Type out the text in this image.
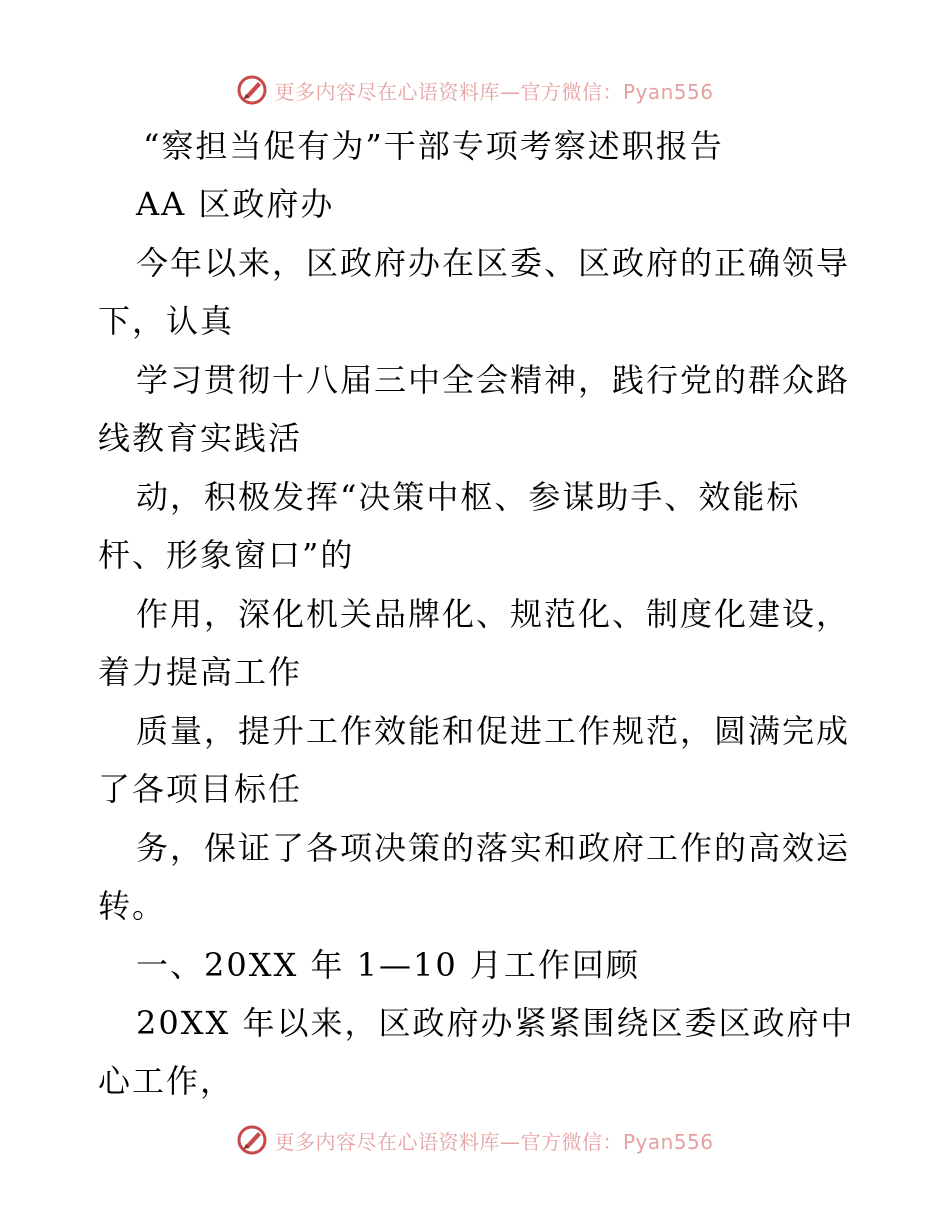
更多内容尽在心语资料库—官方微信：Pyan556
“察担当促有为”干部专项考察述职报告
AA 区政府办
今年以来，区政府办在区委、区政府的正确领导
下，认真
学习贯彻十八届三中全会精神，践行党的群众路
线教育实践活
动，积极发挥“决策中枢、参谋助手、效能标
杆、形象窗口”的
作用，深化机关品牌化、规范化、制度化建设，
着力提高工作
质量，提升工作效能和促进工作规范，圆满完成
了各项目标任
务，保证了各项决策的落实和政府工作的高效运
转。
一、20XX 年 1—10 月工作回顾
20XX 年以来，区政府办紧紧围绕区委区政府中
心工作，
更多内容尽在心语资料库—官方微信：Pyan556
